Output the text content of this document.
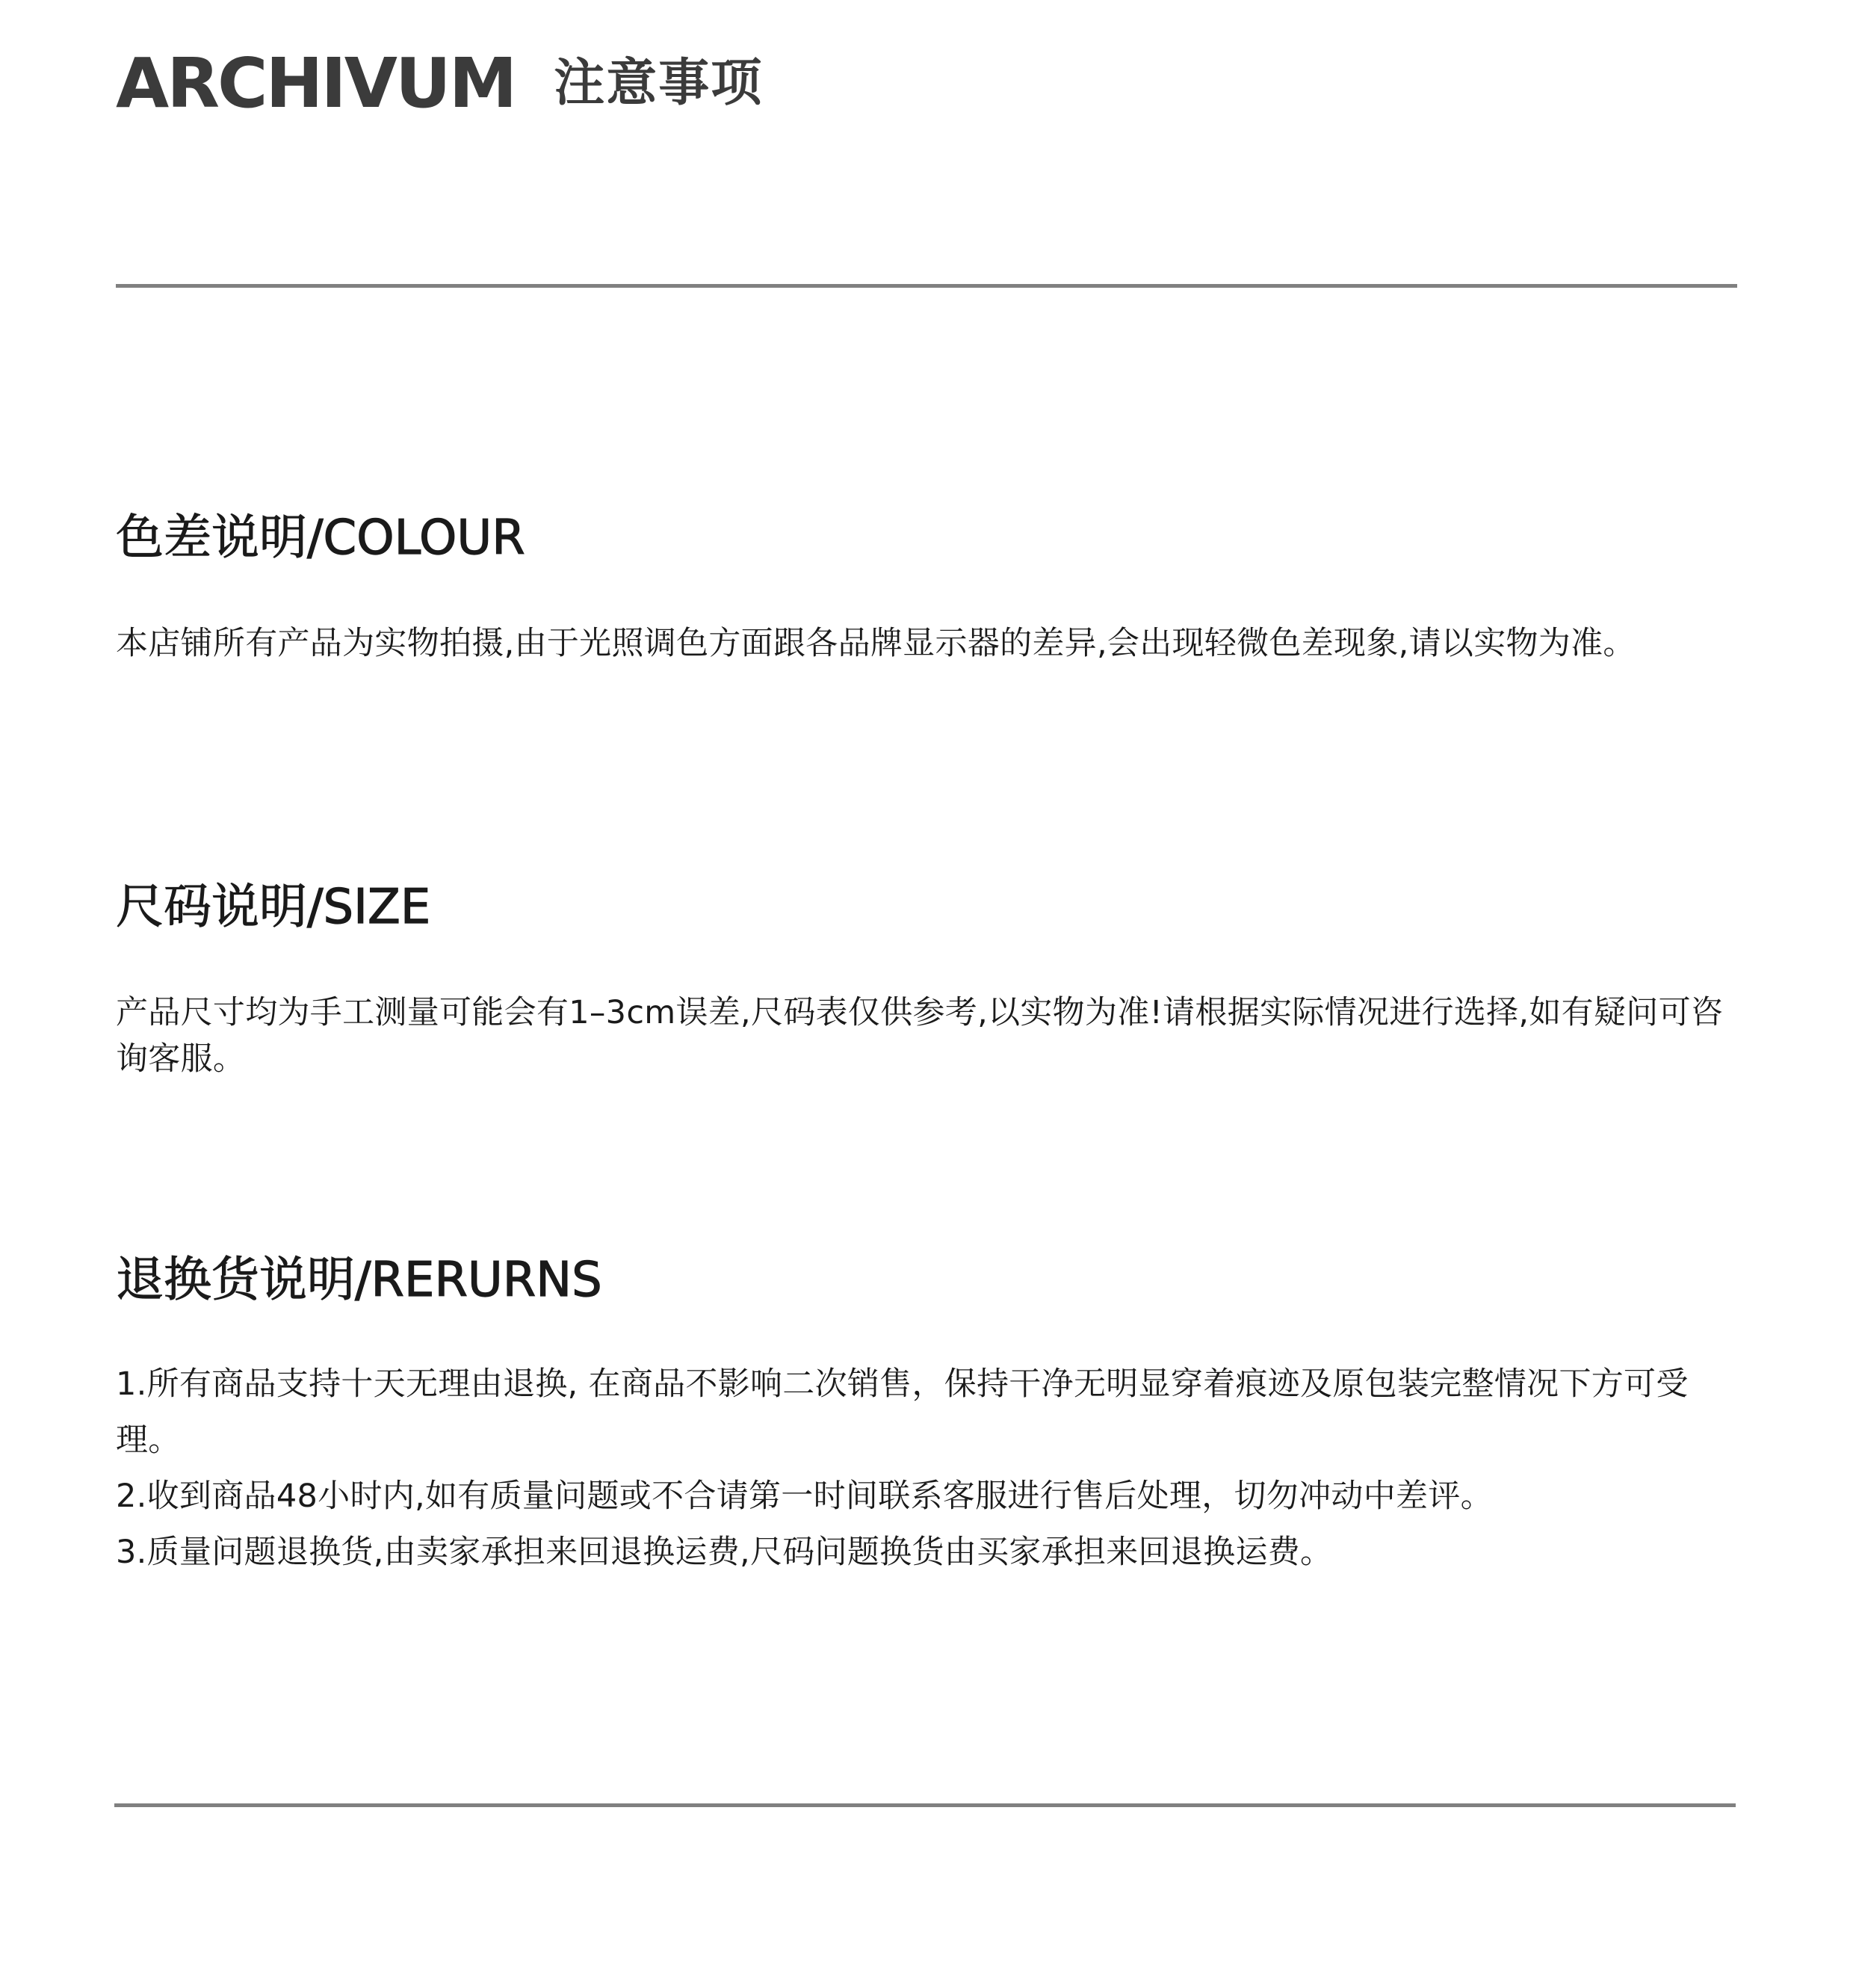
ARCHIVUM 注意事项
色差说明/COLOUR

本店铺所有产品为实物拍摄,由于光照调色方面跟各品牌显示器的差异,会出现轻微色差现象,请以实物为准。

尺码说明/SIZE

产品尺寸均为手工测量可能会有1–3cm误差,尺码表仅供参考,以实物为准!请根据实际情况进行选择,如有疑问可咨询客服。

退换货说明/RERURNS

1.所有商品支持十天无理由退换, 在商品不影响二次销售，保持干净无明显穿着痕迹及原包装完整情况下方可受理。

2.收到商品48小时内,如有质量问题或不合请第一时间联系客服进行售后处理，切勿冲动中差评。

3.质量问题退换货,由卖家承担来回退换运费,尺码问题换货由买家承担来回退换运费。
